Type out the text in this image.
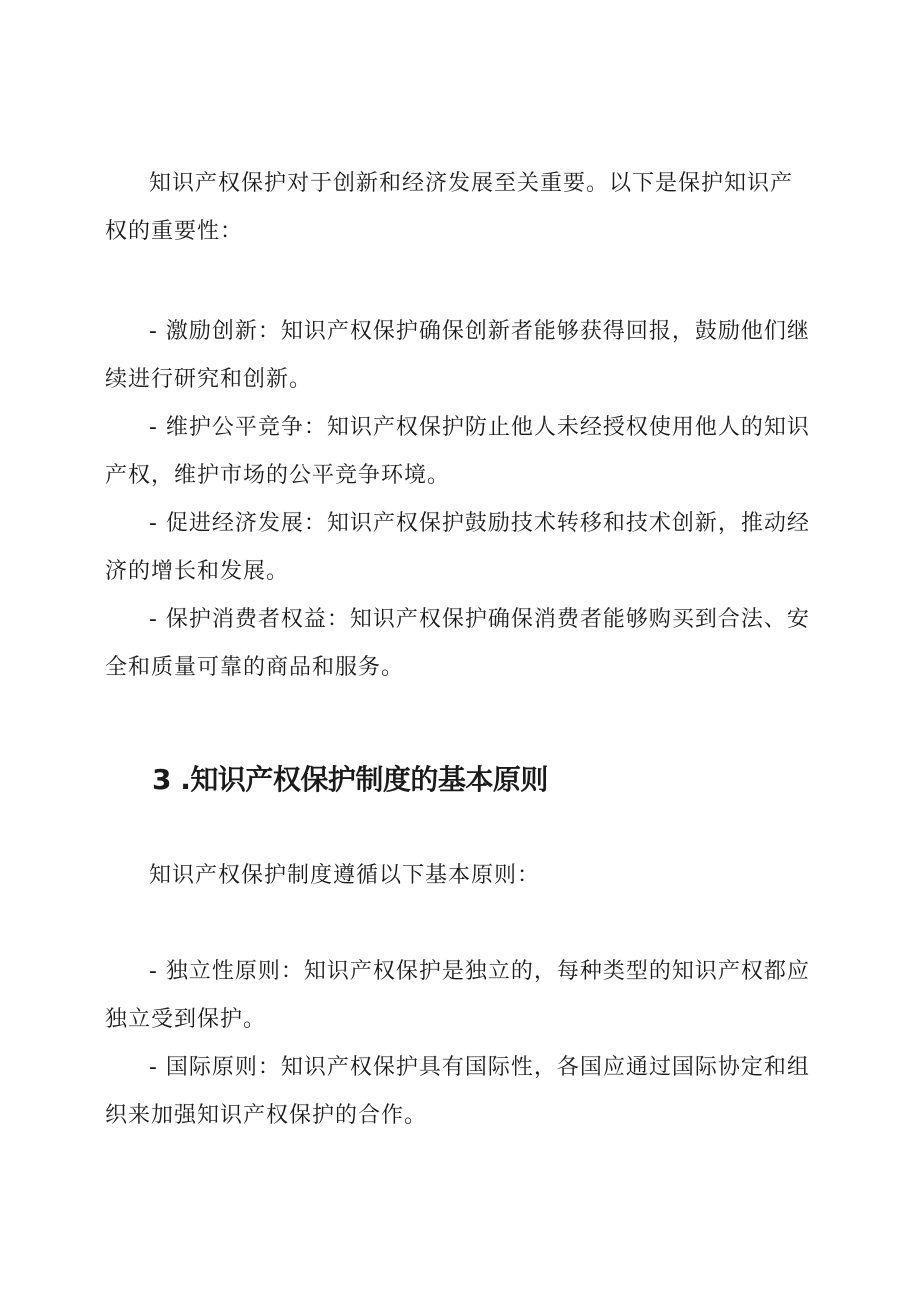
知识产权保护对于创新和经济发展至关重要。以下是保护知识产权的重要性：

- 激励创新：知识产权保护确保创新者能够获得回报，鼓励他们继续进行研究和创新。

- 维护公平竞争：知识产权保护防止他人未经授权使用他人的知识产权，维护市场的公平竞争环境。

- 促进经济发展：知识产权保护鼓励技术转移和技术创新，推动经济的增长和发展。

- 保护消费者权益：知识产权保护确保消费者能够购买到合法、安全和质量可靠的商品和服务。

3 .知识产权保护制度的基本原则

知识产权保护制度遵循以下基本原则：

- 独立性原则：知识产权保护是独立的，每种类型的知识产权都应独立受到保护。

- 国际原则：知识产权保护具有国际性，各国应通过国际协定和组织来加强知识产权保护的合作。
